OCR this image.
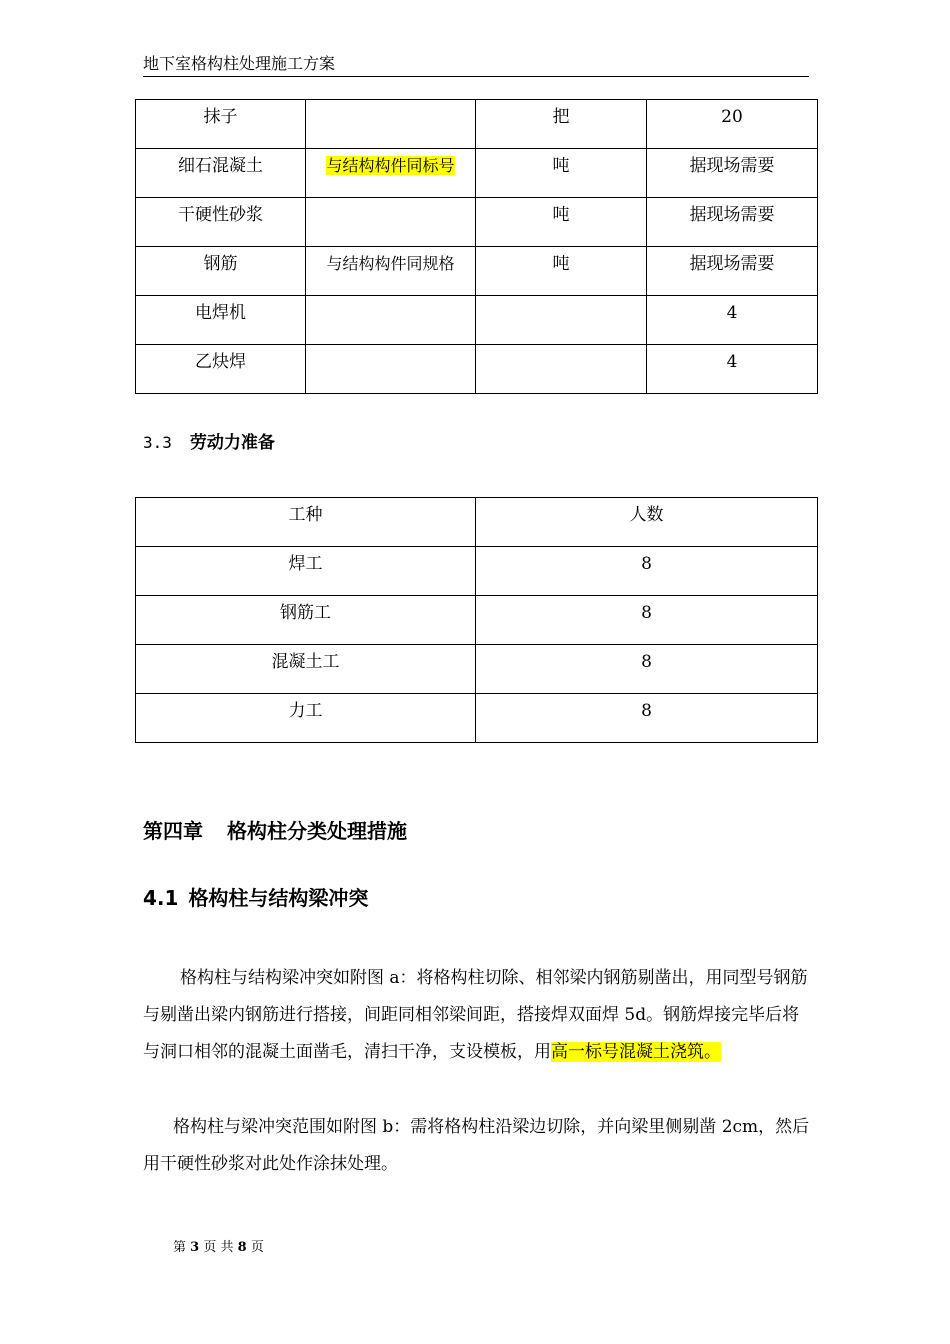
地下室格构柱处理施工方案
抹子		把	20
细石混凝土	与结构构件同标号	吨	据现场需要
干硬性砂浆		吨	据现场需要
钢筋	与结构构件同规格	吨	据现场需要
电焊机			4
乙炔焊			4
3.3 劳动力准备
工种	人数
焊工	8
钢筋工	8
混凝土工	8
力工	8
第四章 格构柱分类处理措施
4.1 格构柱与结构梁冲突
格构柱与结构梁冲突如附图 a：将格构柱切除、相邻梁内钢筋剔凿出，用同型号钢筋与剔凿出梁内钢筋进行搭接，间距同相邻梁间距，搭接焊双面焊 5d。钢筋焊接完毕后将与洞口相邻的混凝土面凿毛，清扫干净，支设模板，用高一标号混凝土浇筑。
格构柱与梁冲突范围如附图 b：需将格构柱沿梁边切除，并向梁里侧剔凿 2cm，然后用干硬性砂浆对此处作涂抹处理。
第 3 页 共 8 页
